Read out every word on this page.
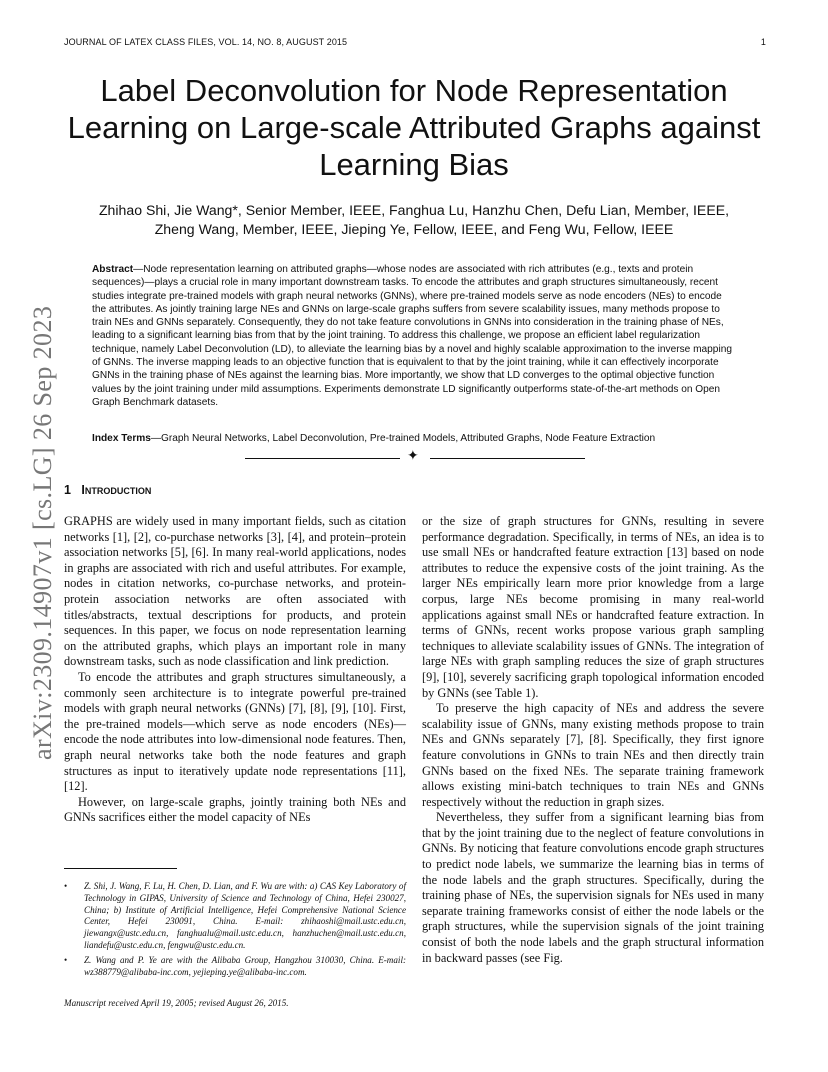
JOURNAL OF LATEX CLASS FILES, VOL. 14, NO. 8, AUGUST 2015	1
Label Deconvolution for Node Representation Learning on Large-scale Attributed Graphs against Learning Bias
Zhihao Shi, Jie Wang*, Senior Member, IEEE, Fanghua Lu, Hanzhu Chen, Defu Lian, Member, IEEE,
Zheng Wang, Member, IEEE, Jieping Ye, Fellow, IEEE, and Feng Wu, Fellow, IEEE
Abstract—Node representation learning on attributed graphs—whose nodes are associated with rich attributes (e.g., texts and protein sequences)—plays a crucial role in many important downstream tasks. To encode the attributes and graph structures simultaneously, recent studies integrate pre-trained models with graph neural networks (GNNs), where pre-trained models serve as node encoders (NEs) to encode the attributes. As jointly training large NEs and GNNs on large-scale graphs suffers from severe scalability issues, many methods propose to train NEs and GNNs separately. Consequently, they do not take feature convolutions in GNNs into consideration in the training phase of NEs, leading to a significant learning bias from that by the joint training. To address this challenge, we propose an efficient label regularization technique, namely Label Deconvolution (LD), to alleviate the learning bias by a novel and highly scalable approximation to the inverse mapping of GNNs. The inverse mapping leads to an objective function that is equivalent to that by the joint training, while it can effectively incorporate GNNs in the training phase of NEs against the learning bias. More importantly, we show that LD converges to the optimal objective function values by the joint training under mild assumptions. Experiments demonstrate LD significantly outperforms state-of-the-art methods on Open Graph Benchmark datasets.
Index Terms—Graph Neural Networks, Label Deconvolution, Pre-trained Models, Attributed Graphs, Node Feature Extraction
✦
arXiv:2309.14907v1 [cs.LG] 26 Sep 2023 1 Introduction

GRAPHS are widely used in many important fields, such as citation networks [1], [2], co-purchase networks [3], [4], and protein–protein association networks [5], [6]. In many real-world applications, nodes in graphs are associated with rich and useful attributes. For example, nodes in citation networks, co-purchase networks, and protein-protein association networks are often associated with titles/abstracts, textual descriptions for products, and protein sequences. In this paper, we focus on node representation learning on the attributed graphs, which plays an important role in many downstream tasks, such as node classification and link prediction.

To encode the attributes and graph structures simultaneously, a commonly seen architecture is to integrate powerful pre-trained models with graph neural networks (GNNs) [7], [8], [9], [10]. First, the pre-trained models—which serve as node encoders (NEs)—encode the node attributes into low-dimensional node features. Then, graph neural networks take both the node features and graph structures as input to iteratively update node representations [11], [12].

However, on large-scale graphs, jointly training both NEs and GNNs sacrifices either the model capacity of NEs

or the size of graph structures for GNNs, resulting in severe performance degradation. Specifically, in terms of NEs, an idea is to use small NEs or handcrafted feature extraction [13] based on node attributes to reduce the expensive costs of the joint training. As the larger NEs empirically learn more prior knowledge from a large corpus, large NEs become promising in many real-world applications against small NEs or handcrafted feature extraction. In terms of GNNs, recent works propose various graph sampling techniques to alleviate scalability issues of GNNs. The integration of large NEs with graph sampling reduces the size of graph structures [9], [10], severely sacrificing graph topological information encoded by GNNs (see Table 1).

To preserve the high capacity of NEs and address the severe scalability issue of GNNs, many existing methods propose to train NEs and GNNs separately [7], [8]. Specifically, they first ignore feature convolutions in GNNs to train NEs and then directly train GNNs based on the fixed NEs. The separate training framework allows existing mini-batch techniques to train NEs and GNNs respectively without the reduction in graph sizes.

Nevertheless, they suffer from a significant learning bias from that by the joint training due to the neglect of feature convolutions in GNNs. By noticing that feature convolutions encode graph structures to predict node labels, we summarize the learning bias in terms of the node labels and the graph structures. Specifically, during the training phase of NEs, the supervision signals for NEs used in many separate training frameworks consist of either the node labels or the graph structures, while the supervision signals of the joint training consist of both the node labels and the graph structural information in backward passes (see Fig.

• Z. Shi, J. Wang, F. Lu, H. Chen, D. Lian, and F. Wu are with: a) CAS Key Laboratory of Technology in GIPAS, University of Science and Technology of China, Hefei 230027, China; b) Institute of Artificial Intelligence, Hefei Comprehensive National Science Center, Hefei 230091, China. E-mail: zhihaoshi@mail.ustc.edu.cn, jiewangx@ustc.edu.cn, fanghualu@mail.ustc.edu.cn, hanzhuchen@mail.ustc.edu.cn, liandefu@ustc.edu.cn, fengwu@ustc.edu.cn.
• Z. Wang and P. Ye are with the Alibaba Group, Hangzhou 310030, China. E-mail: wz388779@alibaba-inc.com, yejieping.ye@alibaba-inc.com.
Manuscript received April 19, 2005; revised August 26, 2015.
